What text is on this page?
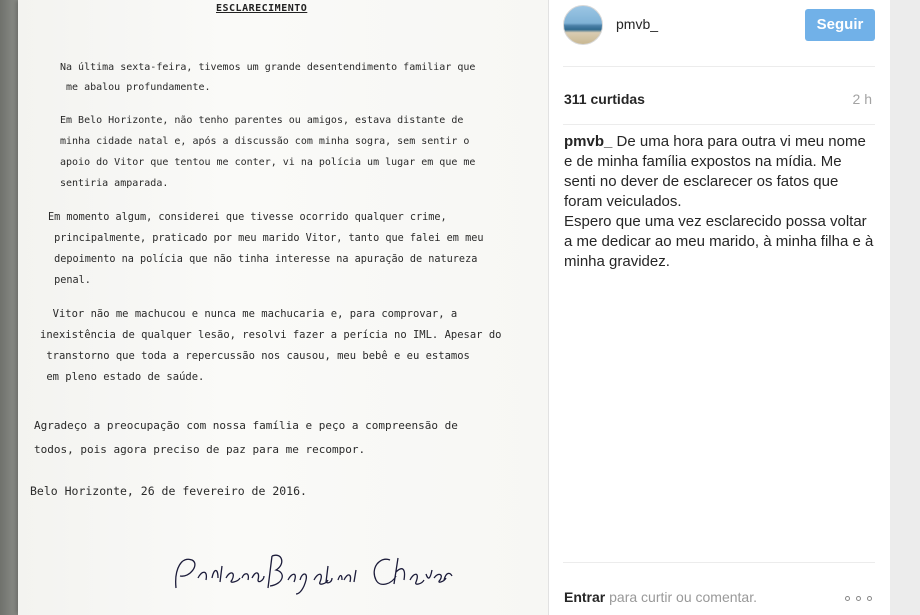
ESCLARECIMENTO
Na última sexta-feira, tivemos um grande desentendimento familiar que
me abalou profundamente.
Em Belo Horizonte, não tenho parentes ou amigos, estava distante de
minha cidade natal e, após a discussão com minha sogra, sem sentir o
apoio do Vitor que tentou me conter, vi na polícia um lugar em que me
sentiria amparada.
Em momento algum, considerei que tivesse ocorrido qualquer crime,
principalmente, praticado por meu marido Vitor, tanto que falei em meu
depoimento na polícia que não tinha interesse na apuração de natureza
penal.
Vitor não me machucou e nunca me machucaria e, para comprovar, a
inexistência de qualquer lesão, resolvi fazer a perícia no IML. Apesar do
transtorno que toda a repercussão nos causou, meu bebê e eu estamos
em pleno estado de saúde.
Agradeço a preocupação com nossa família e peço a compreensão de
todos, pois agora preciso de paz para me recompor.
Belo Horizonte, 26 de fevereiro de 2016.
pmvb_	Seguir
311 curtidas	2 h
pmvb_ De uma hora para outra vi meu nome e de minha família expostos na mídia. Me senti no dever de esclarecer os fatos que foram veiculados.
Espero que uma vez esclarecido possa voltar a me dedicar ao meu marido, à minha filha e à minha gravidez.
Entrar para curtir ou comentar.
